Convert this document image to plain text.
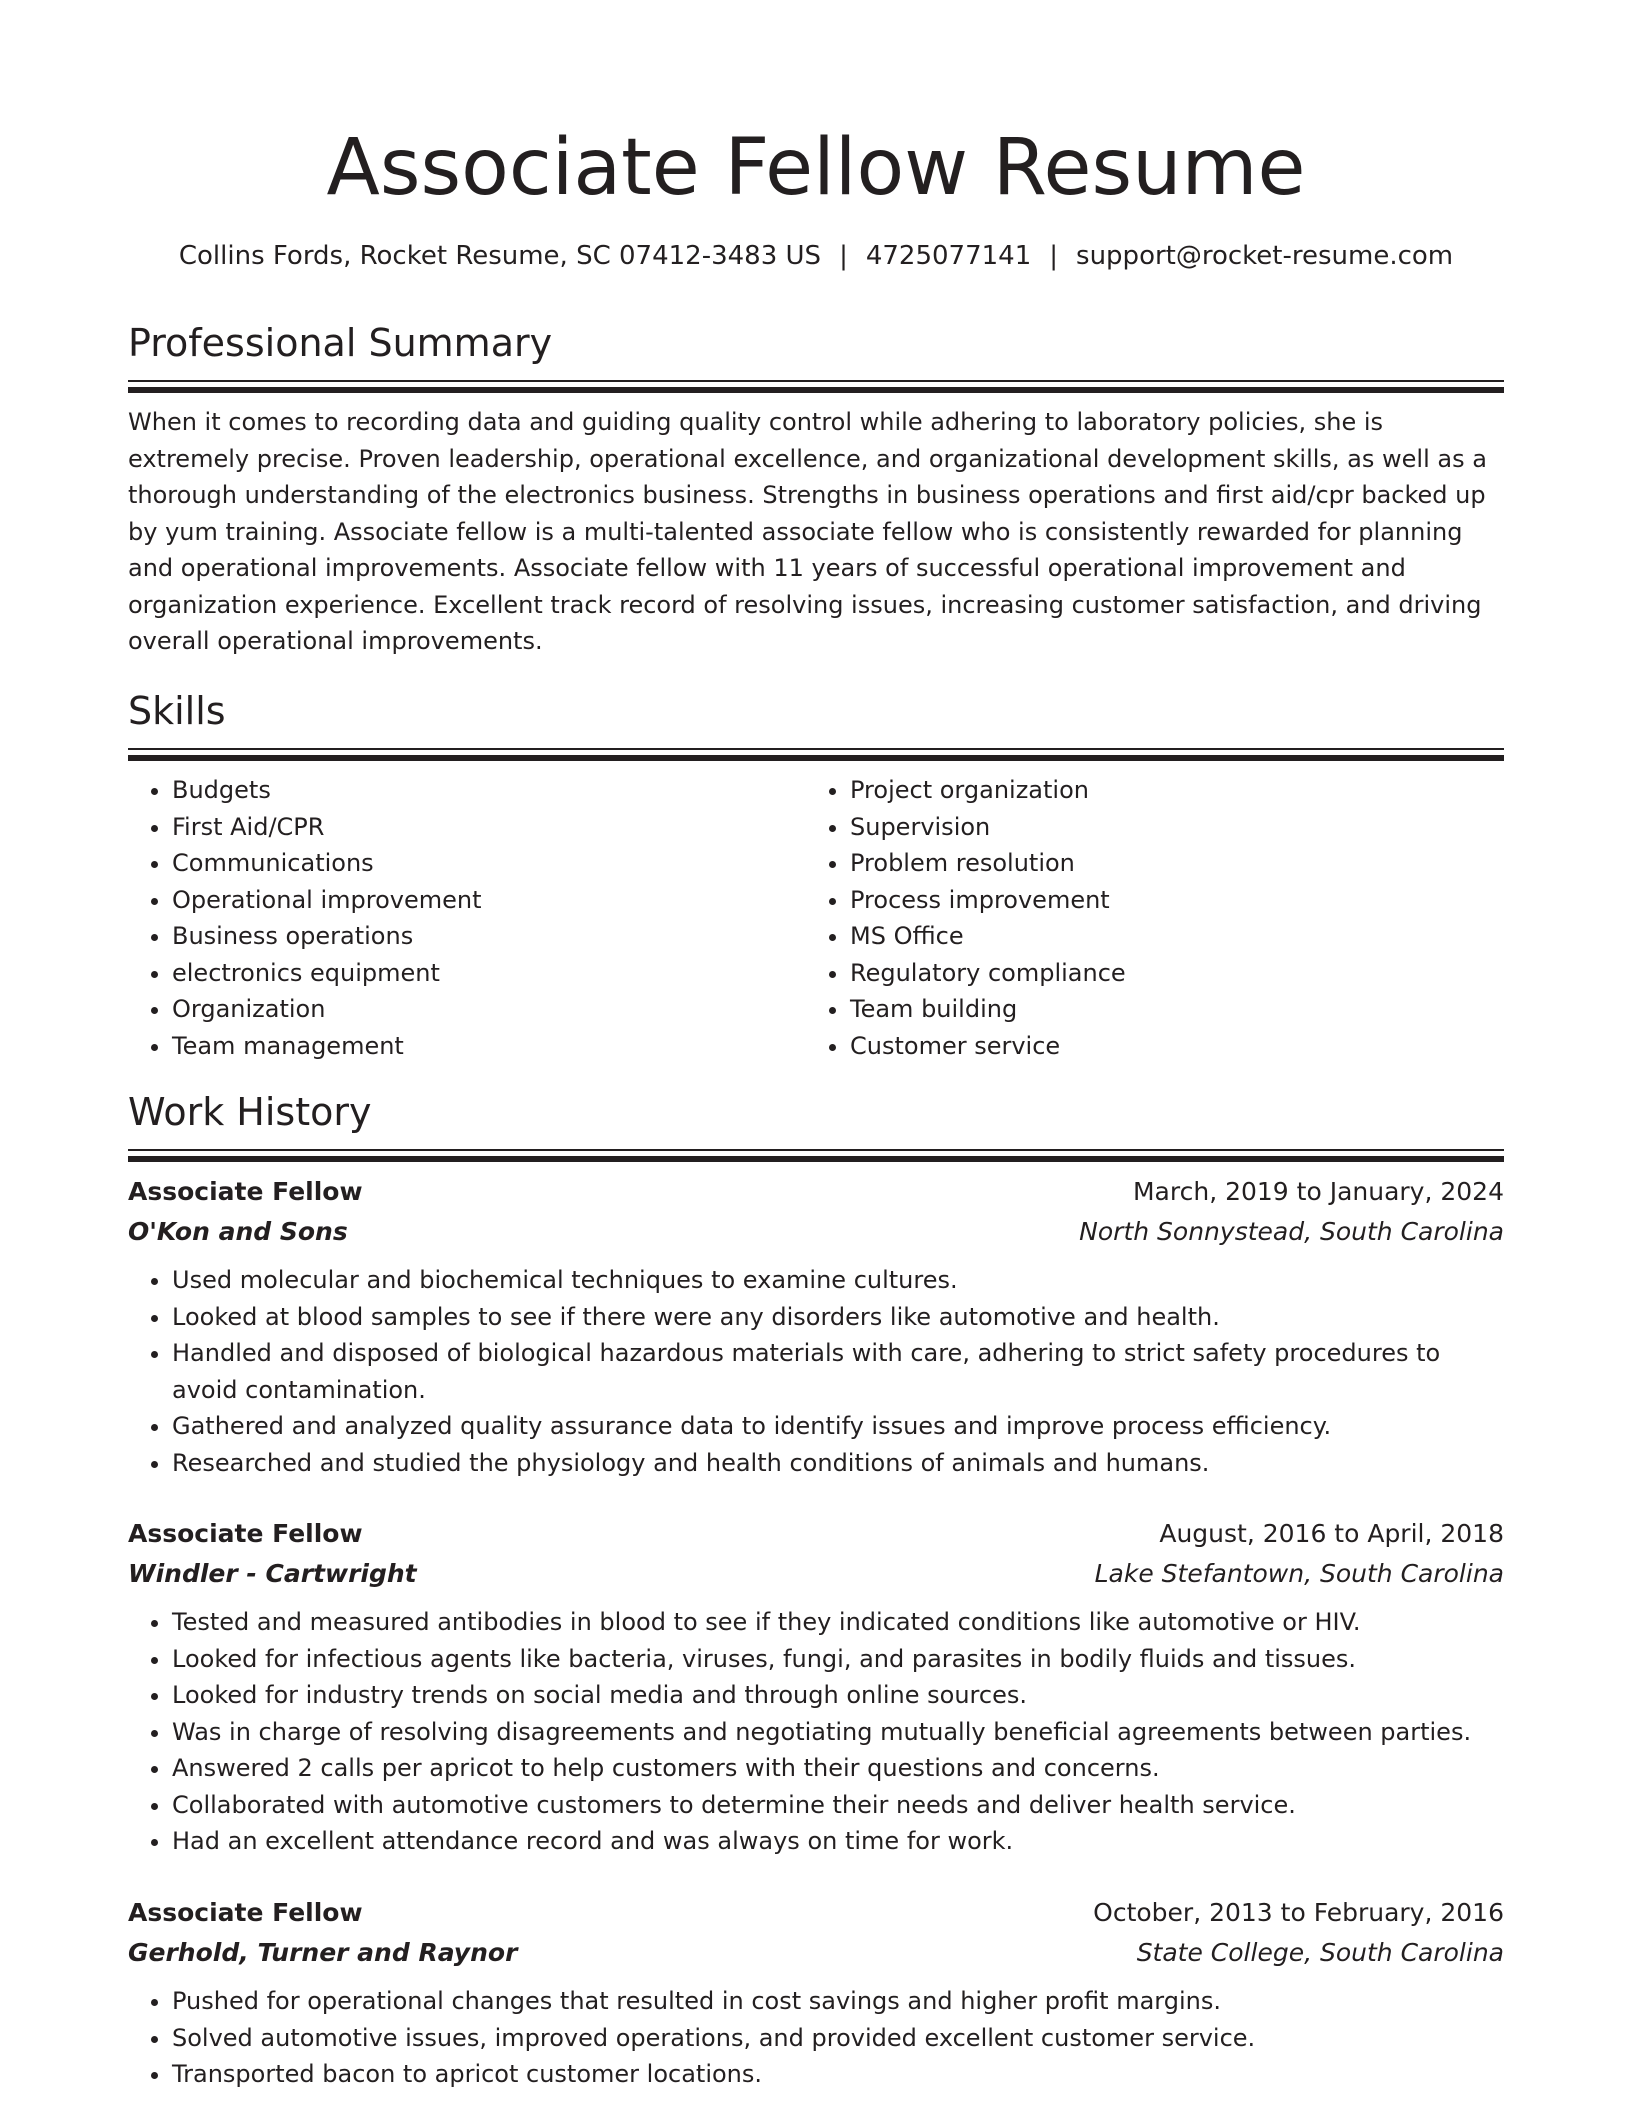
Associate Fellow Resume
Collins Fords, Rocket Resume, SC 07412-3483 US | 4725077141 | support@rocket-resume.com
Professional Summary

When it comes to recording data and guiding quality control while adhering to laboratory policies, she is extremely precise. Proven leadership, operational excellence, and organizational development skills, as well as a thorough understanding of the electronics business. Strengths in business operations and first aid/cpr backed up by yum training. Associate fellow is a multi-talented associate fellow who is consistently rewarded for planning and operational improvements. Associate fellow with 11 years of successful operational improvement and organization experience. Excellent track record of resolving issues, increasing customer satisfaction, and driving overall operational improvements.

Skills
• Budgets
• First Aid/CPR
• Communications
• Operational improvement
• Business operations
• electronics equipment
• Organization
• Team management
• Project organization
• Supervision
• Problem resolution
• Process improvement
• MS Office
• Regulatory compliance
• Team building
• Customer service
Work History
Associate Fellow	March, 2019 to January, 2024
O'Kon and Sons	North Sonnystead, South Carolina
• Used molecular and biochemical techniques to examine cultures.
• Looked at blood samples to see if there were any disorders like automotive and health.
• Handled and disposed of biological hazardous materials with care, adhering to strict safety procedures to avoid contamination.
• Gathered and analyzed quality assurance data to identify issues and improve process efficiency.
• Researched and studied the physiology and health conditions of animals and humans.
Associate Fellow	August, 2016 to April, 2018
Windler - Cartwright	Lake Stefantown, South Carolina
• Tested and measured antibodies in blood to see if they indicated conditions like automotive or HIV.
• Looked for infectious agents like bacteria, viruses, fungi, and parasites in bodily fluids and tissues.
• Looked for industry trends on social media and through online sources.
• Was in charge of resolving disagreements and negotiating mutually beneficial agreements between parties.
• Answered 2 calls per apricot to help customers with their questions and concerns.
• Collaborated with automotive customers to determine their needs and deliver health service.
• Had an excellent attendance record and was always on time for work.
Associate Fellow	October, 2013 to February, 2016
Gerhold, Turner and Raynor	State College, South Carolina
• Pushed for operational changes that resulted in cost savings and higher profit margins.
• Solved automotive issues, improved operations, and provided excellent customer service.
• Transported bacon to apricot customer locations.
